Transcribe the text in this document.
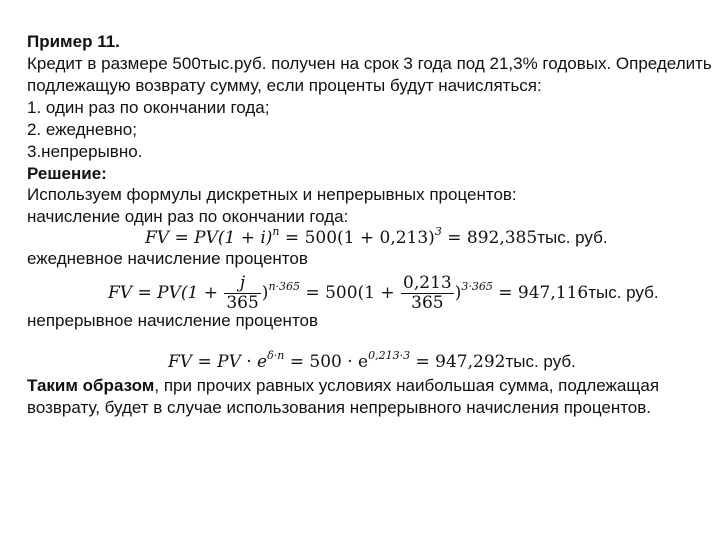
Пример 11.
Кредит в размере 500тыс.руб. получен на срок 3 года под 21,3% годовых. Определить
подлежащую возврату сумму, если проценты будут начисляться:
1. один раз по окончании года;
2. ежедневно;
3.непрерывно.
Решение:
Используем формулы дискретных и непрерывных процентов:
начисление один раз по окончании года:
FV = $PV(1 + i)^n = 500(1 + 0,213)^3 = 892,385тыс$. руб.
ежедневное начисление процентов
FV = $PV(1 + \frac{j}{365} )^{n\cdot 365} = 500(1 + \frac{0,213}{365} )^{3\cdot 365} = 947,116тыс$. руб.
непрерывное начисление процентов
FV = PV · $e^{\delta\cdot n} = 500 \cdot e^{0,213\cdot 3} = 947,292тыс$. руб.
Таким образом, при прочих равных условиях наибольшая сумма, подлежащая
возврату, будет в случае использования непрерывного начисления процентов.
